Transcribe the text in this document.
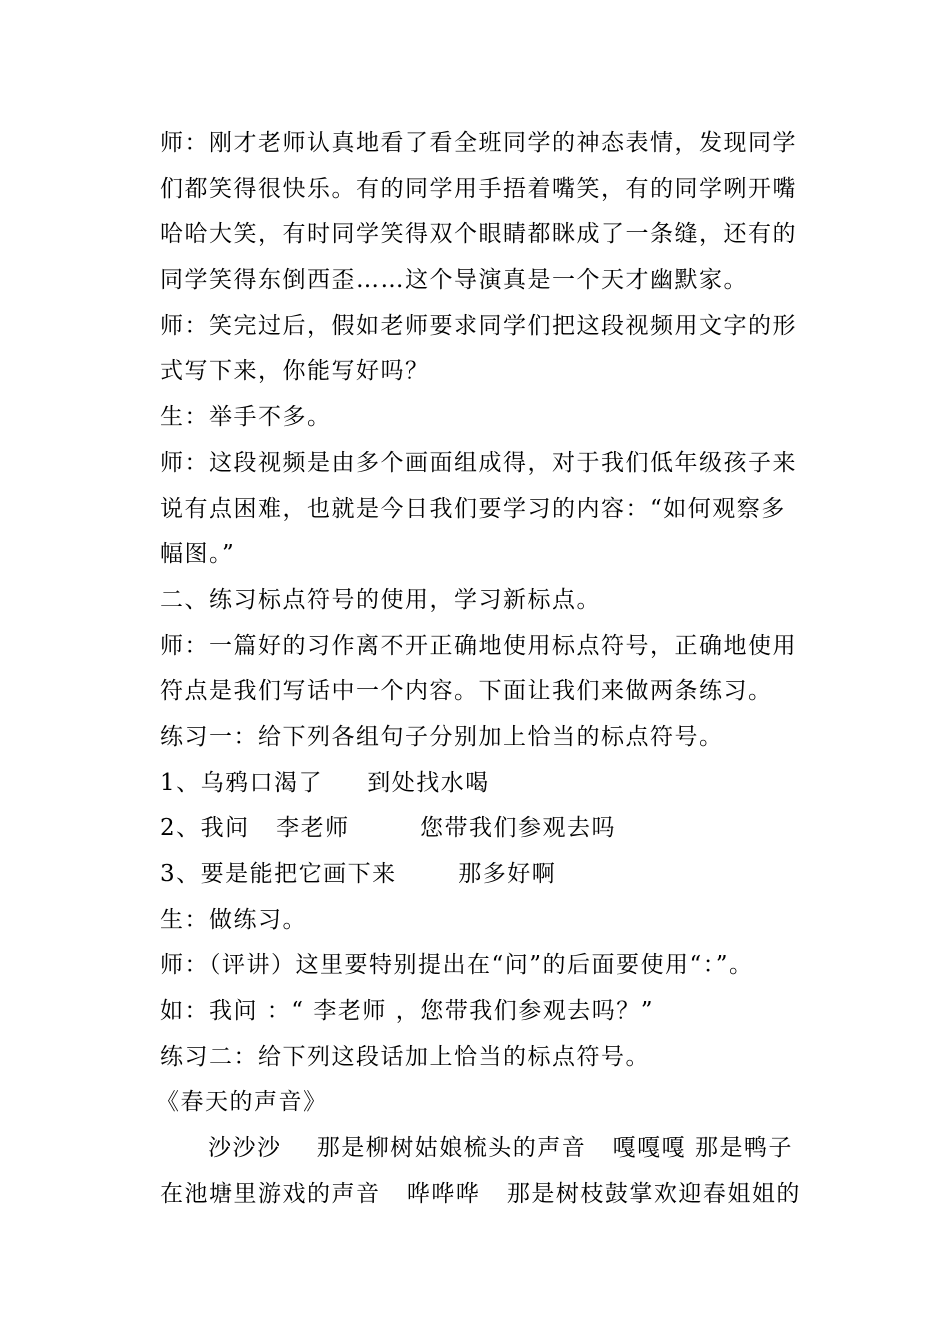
师：刚才老师认真地看了看全班同学的神态表情，发现同学
们都笑得很快乐。有的同学用手捂着嘴笑，有的同学咧开嘴
哈哈大笑，有时同学笑得双个眼睛都眯成了一条缝，还有的
同学笑得东倒西歪……这个导演真是一个天才幽默家。
师：笑完过后，假如老师要求同学们把这段视频用文字的形
式写下来，你能写好吗？
生：举手不多。
师：这段视频是由多个画面组成得，对于我们低年级孩子来
说有点困难，也就是今日我们要学习的内容：“如何观察多
幅图。”
二、练习标点符号的使用，学习新标点。
师：一篇好的习作离不开正确地使用标点符号，正确地使用
符点是我们写话中一个内容。下面让我们来做两条练习。
练习一：给下列各组句子分别加上恰当的标点符号。
1、乌鸦口渴了     到处找水喝
2、我问   李老师        您带我们参观去吗
3、要是能把它画下来       那多好啊
生：做练习。
师：（评讲）这里要特别提出在“问”的后面要使用“：”。
如：我问 ：“ 李老师 ，您带我们参观去吗？”
练习二：给下列这段话加上恰当的标点符号。
《春天的声音》
沙沙沙    那是柳树姑娘梳头的声音   嘎嘎嘎 那是鸭子
在池塘里游戏的声音   哗哗哗   那是树枝鼓掌欢迎春姐姐的
